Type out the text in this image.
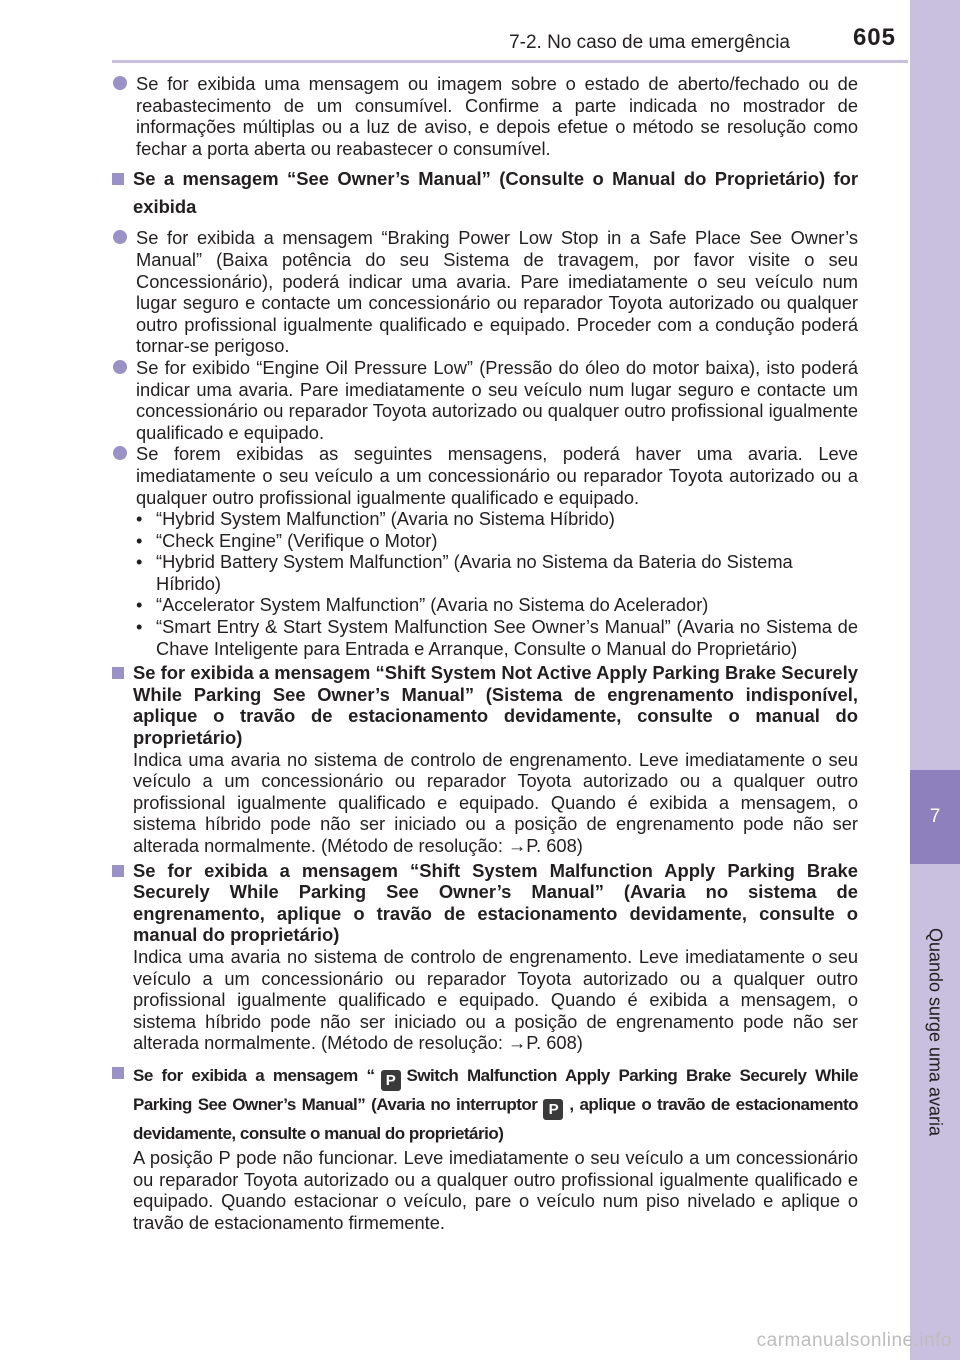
7-2. No caso de uma emergência	605
7
Quando surge uma avaria
Se for exibida uma mensagem ou imagem sobre o estado de aberto/fechado ou de reabastecimento de um consumível. Confirme a parte indicada no mostrador de informações múltiplas ou a luz de aviso, e depois efetue o método se resolução como fechar a porta aberta ou reabastecer o consumível.
Se a mensagem “See Owner’s Manual” (Consulte o Manual do Proprietário) for exibida
Se for exibida a mensagem “Braking Power Low Stop in a Safe Place See Owner’s Manual” (Baixa potência do seu Sistema de travagem, por favor visite o seu Concessionário), poderá indicar uma avaria. Pare imediatamente o seu veículo num lugar seguro e contacte um concessionário ou reparador Toyota autorizado ou qualquer outro profissional igualmente qualificado e equipado. Proceder com a condução poderá tornar-se perigoso.
Se for exibido “Engine Oil Pressure Low” (Pressão do óleo do motor baixa), isto poderá indicar uma avaria. Pare imediatamente o seu veículo num lugar seguro e contacte um concessionário ou reparador Toyota autorizado ou qualquer outro profissional igualmente qualificado e equipado.
Se forem exibidas as seguintes mensagens, poderá haver uma avaria. Leve imediatamente o seu veículo a um concessionário ou reparador Toyota autorizado ou a qualquer outro profissional igualmente qualificado e equipado.
• “Hybrid System Malfunction” (Avaria no Sistema Híbrido)
• “Check Engine” (Verifique o Motor)
• “Hybrid Battery System Malfunction” (Avaria no Sistema da Bateria do Sistema Híbrido)
• “Accelerator System Malfunction” (Avaria no Sistema do Acelerador)
• “Smart Entry & Start System Malfunction See Owner’s Manual” (Avaria no Sistema de Chave Inteligente para Entrada e Arranque, Consulte o Manual do Proprietário)
Se for exibida a mensagem “Shift System Not Active Apply Parking Brake Securely While Parking See Owner’s Manual” (Sistema de engrenamento indisponível, aplique o travão de estacionamento devidamente, consulte o manual do proprietário)
Indica uma avaria no sistema de controlo de engrenamento. Leve imediatamente o seu veículo a um concessionário ou reparador Toyota autorizado ou a qualquer outro profissional igualmente qualificado e equipado. Quando é exibida a mensagem, o sistema híbrido pode não ser iniciado ou a posição de engrenamento pode não ser alterada normalmente. (Método de resolução: →P. 608)
Se for exibida a mensagem “Shift System Malfunction Apply Parking Brake Securely While Parking See Owner’s Manual” (Avaria no sistema de engrenamento, aplique o travão de estacionamento devidamente, consulte o manual do proprietário)
Indica uma avaria no sistema de controlo de engrenamento. Leve imediatamente o seu veículo a um concessionário ou reparador Toyota autorizado ou a qualquer outro profissional igualmente qualificado e equipado. Quando é exibida a mensagem, o sistema híbrido pode não ser iniciado ou a posição de engrenamento pode não ser alterada normalmente. (Método de resolução: →P. 608)
Se for exibida a mensagem “ P Switch Malfunction Apply Parking Brake Securely While Parking See Owner’s Manual” (Avaria no interruptor P , aplique o travão de estacionamento devidamente, consulte o manual do proprietário)
A posição P pode não funcionar. Leve imediatamente o seu veículo a um concessionário ou reparador Toyota autorizado ou a qualquer outro profissional igualmente qualificado e equipado. Quando estacionar o veículo, pare o veículo num piso nivelado e aplique o travão de estacionamento firmemente.
carmanualsonline.info
